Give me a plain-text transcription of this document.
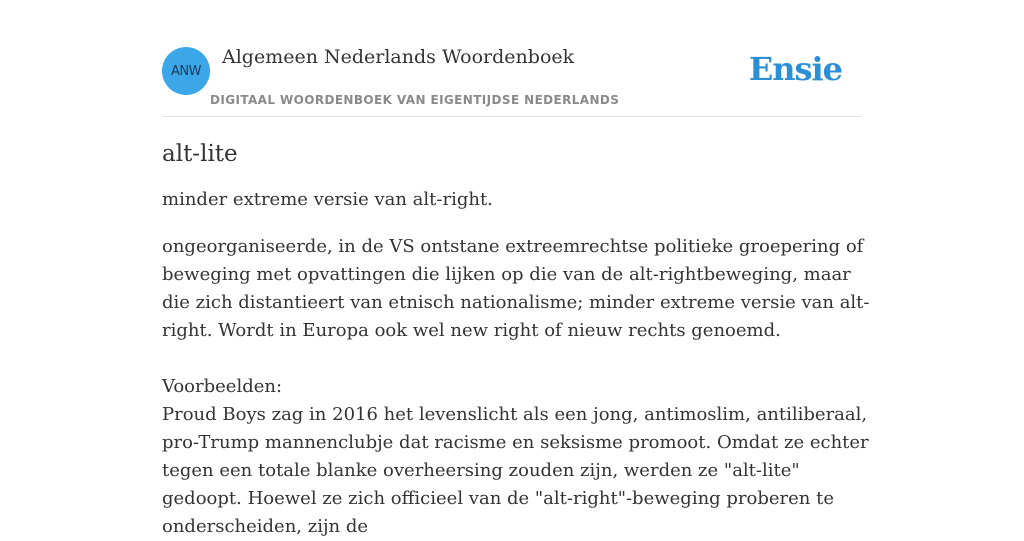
ANW
Algemeen Nederlands Woordenboek
DIGITAAL WOORDENBOEK VAN EIGENTIJDSE NEDERLANDS
Ensie
alt-lite

minder extreme versie van alt-right.

ongeorganiseerde, in de VS ontstane extreemrechtse politieke groepering of beweging met opvattingen die lijken op die van de alt-rightbeweging, maar die zich distantieert van etnisch nationalisme; minder extreme versie van alt-right. Wordt in Europa ook wel new right of nieuw rechts genoemd.

Voorbeelden:

Proud Boys zag in 2016 het levenslicht als een jong, antimoslim, antiliberaal, pro-Trump mannenclubje dat racisme en seksisme promoot. Omdat ze echter tegen een totale blanke overheersing zouden zijn, werden ze "alt-lite" gedoopt. Hoewel ze zich officieel van de "alt-right"-beweging proberen te onderscheiden, zijn de
